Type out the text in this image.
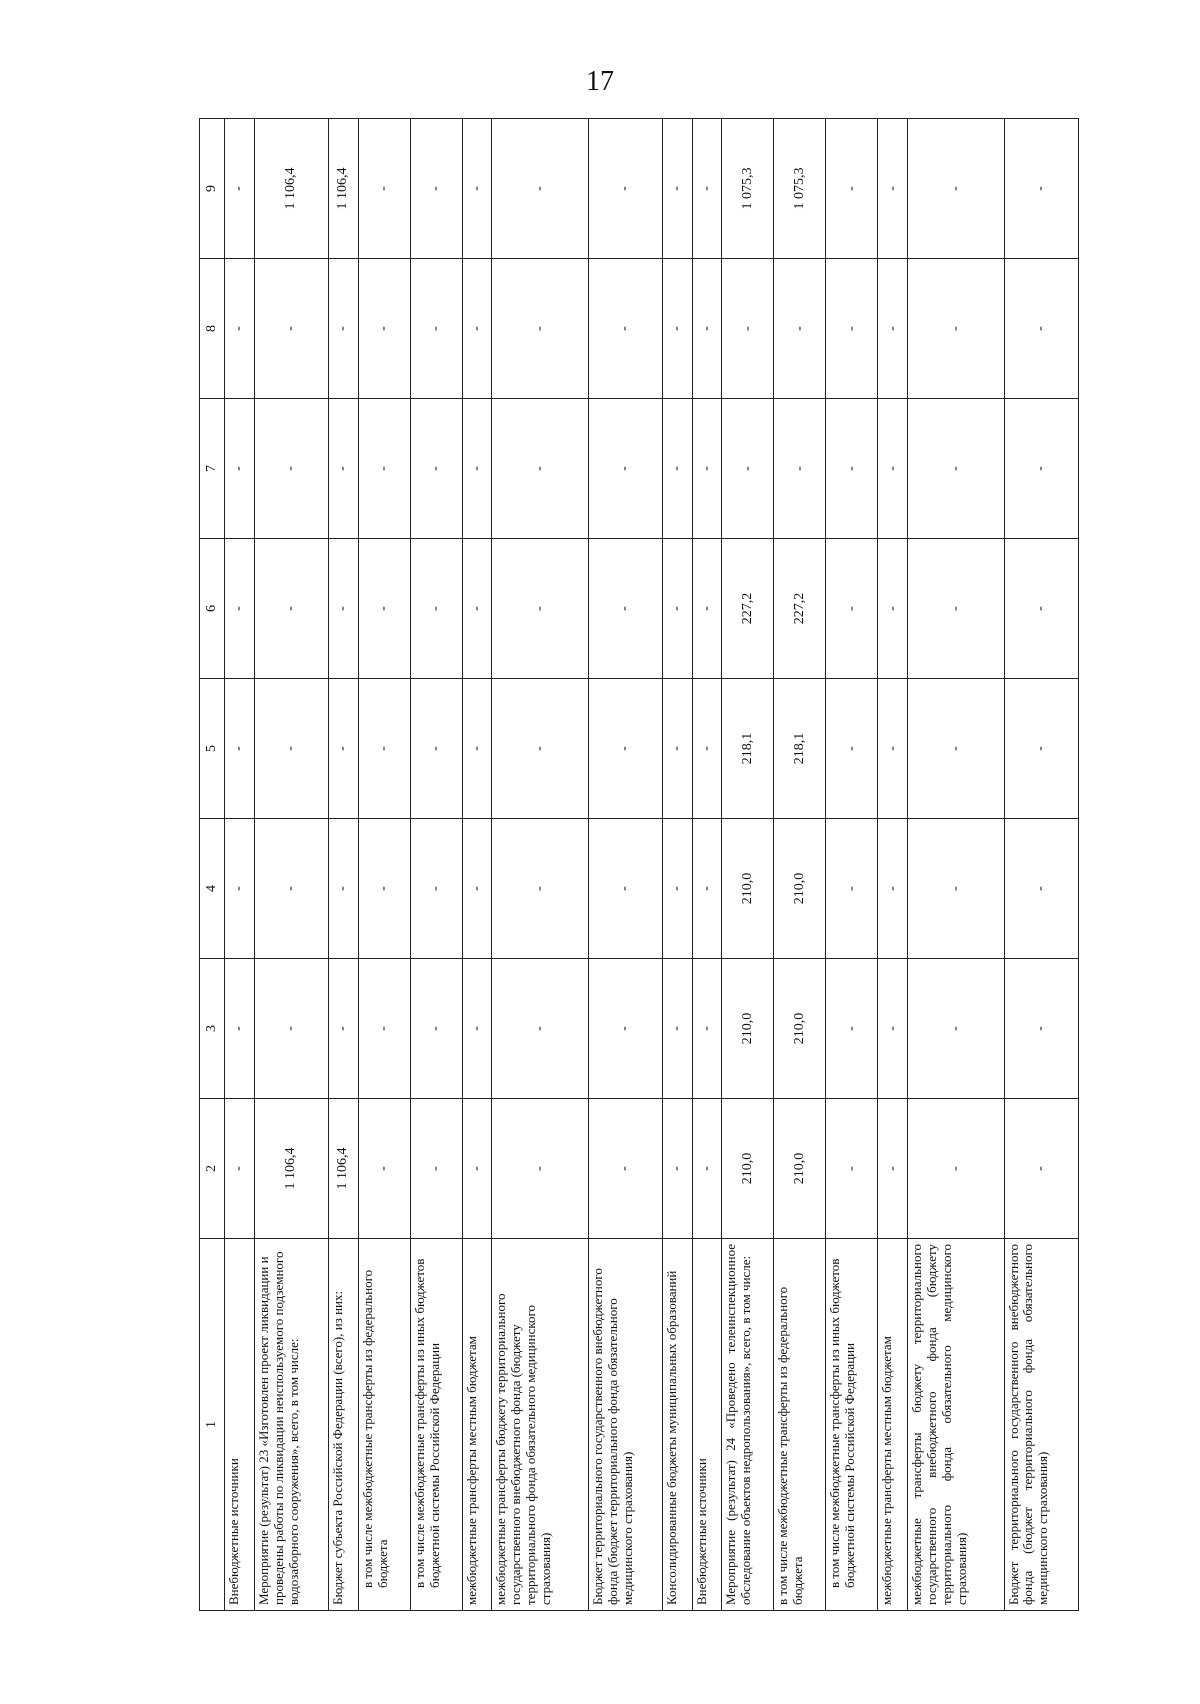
17
1	2	3	4	5	6	7	8	9
Внебюджетные источники	-	-	-	-	-	-	-	-
Мероприятие (результат) 23 «Изготовлен проект ликвидации и проведены работы по ликвидации неиспользуемого подземного водозаборного сооружения», всего, в том числе:	1 106,4	-	-	-	-	-	-	1 106,4
Бюджет субъекта Российской Федерации (всего), из них:	1 106,4	-	-	-	-	-	-	1 106,4
в том числе межбюджетные трансферты из федерального бюджета	-	-	-	-	-	-	-	-
в том числе межбюджетные трансферты из иных бюджетов бюджетной системы Российской Федерации	-	-	-	-	-	-	-	-
межбюджетные трансферты местным бюджетам	-	-	-	-	-	-	-	-
межбюджетные трансферты бюджету территориального государственного внебюджетного фонда (бюджету территориального фонда обязательного медицинского страхования)	-	-	-	-	-	-	-	-
Бюджет территориального государственного внебюджетного фонда (бюджет территориального фонда обязательного медицинского страхования)	-	-	-	-	-	-	-	-
Консолидированные бюджеты муниципальных образований	-	-	-	-	-	-	-	-
Внебюджетные источники	-	-	-	-	-	-	-	-
Мероприятие (результат) 24 «Проведено телеинспекционное обследование объектов недропользования», всего, в том числе:	210,0	210,0	210,0	218,1	227,2	-	-	1 075,3
в том числе межбюджетные трансферты из федерального бюджета	210,0	210,0	210,0	218,1	227,2	-	-	1 075,3
в том числе межбюджетные трансферты из иных бюджетов бюджетной системы Российской Федерации	-	-	-	-	-	-	-	-
межбюджетные трансферты местным бюджетам	-	-	-	-	-	-	-	-
межбюджетные трансферты бюджету территориального государственного внебюджетного фонда (бюджету территориального фонда обязательного медицинского страхования)	-	-	-	-	-	-	-	-
Бюджет территориального государственного внебюджетного фонда (бюджет территориального фонда обязательного медицинского страхования)	-	-	-	-	-	-	-	-
